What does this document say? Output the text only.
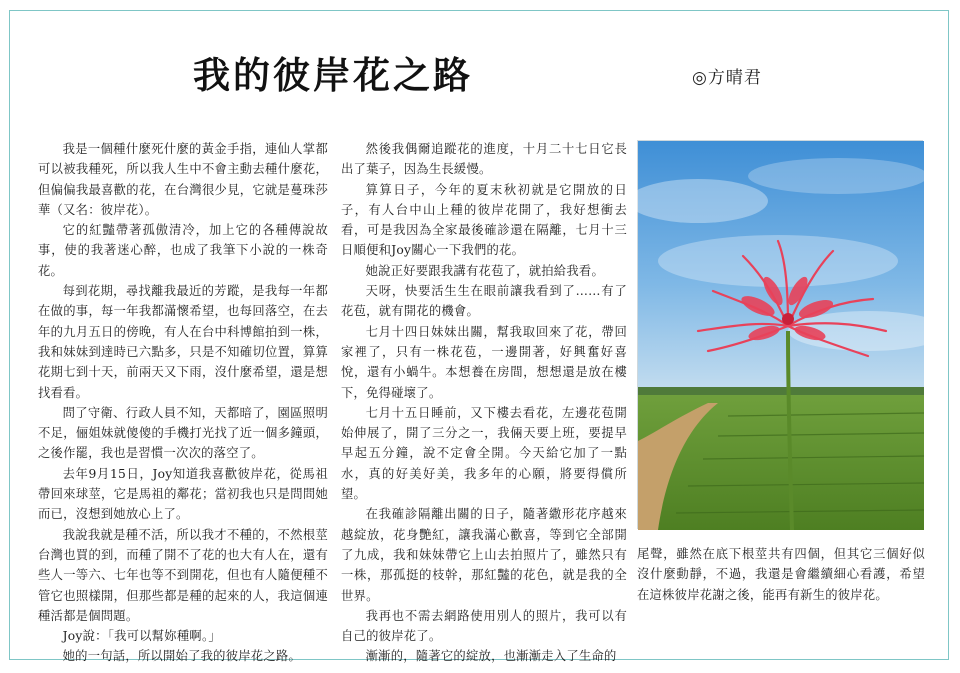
我的彼岸花之路	◎方晴君

我是一個種什麼死什麼的黃金手指，連仙人掌都可以被我種死，所以我人生中不會主動去種什麼花，但偏偏我最喜歡的花，在台灣很少見，它就是蔓珠莎華（又名：彼岸花）。

它的紅豔帶著孤傲清冷，加上它的各種傳說故事，使的我著迷心醉，也成了我筆下小說的一株奇花。

每到花期，尋找離我最近的芳蹤，是我每一年都在做的事，每一年我都滿懷希望，也每回落空，在去年的九月五日的傍晚，有人在台中科博館拍到一株，我和妹妹到達時已六點多，只是不知確切位置，算算花期七到十天，前兩天又下雨，沒什麼希望，還是想找看看。

問了守衛、行政人員不知，天都暗了，園區照明不足，俪姐妹就傻傻的手機打光找了近一個多鐘頭，之後作罷，我也是習慣一次次的落空了。

去年9月15日，Joy知道我喜歡彼岸花，從馬祖帶回來球莖，它是馬祖的鄰花；當初我也只是問問她而已，沒想到她放心上了。

我說我就是種不活，所以我才不種的，不然根莖台灣也買的到，而種了開不了花的也大有人在，還有些人一等六、七年也等不到開花，但也有人隨便種不管它也照樣開，但那些都是種的起來的人，我這個連種活都是個問題。

Joy說：「我可以幫妳種啊。」

她的一句話，所以開始了我的彼岸花之路。

然後我偶爾追蹤花的進度，十月二十七日它長出了葉子，因為生長緩慢。

算算日子，今年的夏末秋初就是它開放的日子，有人台中山上種的彼岸花開了，我好想衝去看，可是我因為全家最後確診還在隔離，七月十三日順便和Joy關心一下我們的花。

她說正好要跟我講有花苞了，就拍給我看。

天呀，快要活生生在眼前讓我看到了……有了花苞，就有開花的機會。

七月十四日妹妹出關，幫我取回來了花，帶回家裡了，只有一株花苞，一邊開著，好興奮好喜悅，還有小蝸牛。本想養在房間，想想還是放在樓下，免得碰壞了。

七月十五日睡前，又下樓去看花，左邊花苞開始伸展了，開了三分之一，我倆天要上班，要提早早起五分鐘，說不定會全開。今天給它加了一點水，真的好美好美，我多年的心願，將要得償所望。

在我確診隔離出關的日子，隨著繖形花序越來越綻放，花身艷紅，讓我滿心歡喜，等到它全部開了九成，我和妹妹帶它上山去拍照片了，雖然只有一株，那孤挺的枝幹，那紅豔的花色，就是我的全世界。

我再也不需去網路使用別人的照片，我可以有自己的彼岸花了。

漸漸的，隨著它的綻放，也漸漸走入了生命的

尾聲，雖然在底下根莖共有四個，但其它三個好似沒什麼動靜，不過，我還是會繼續細心看護，希望在這株彼岸花謝之後，能再有新生的彼岸花。
